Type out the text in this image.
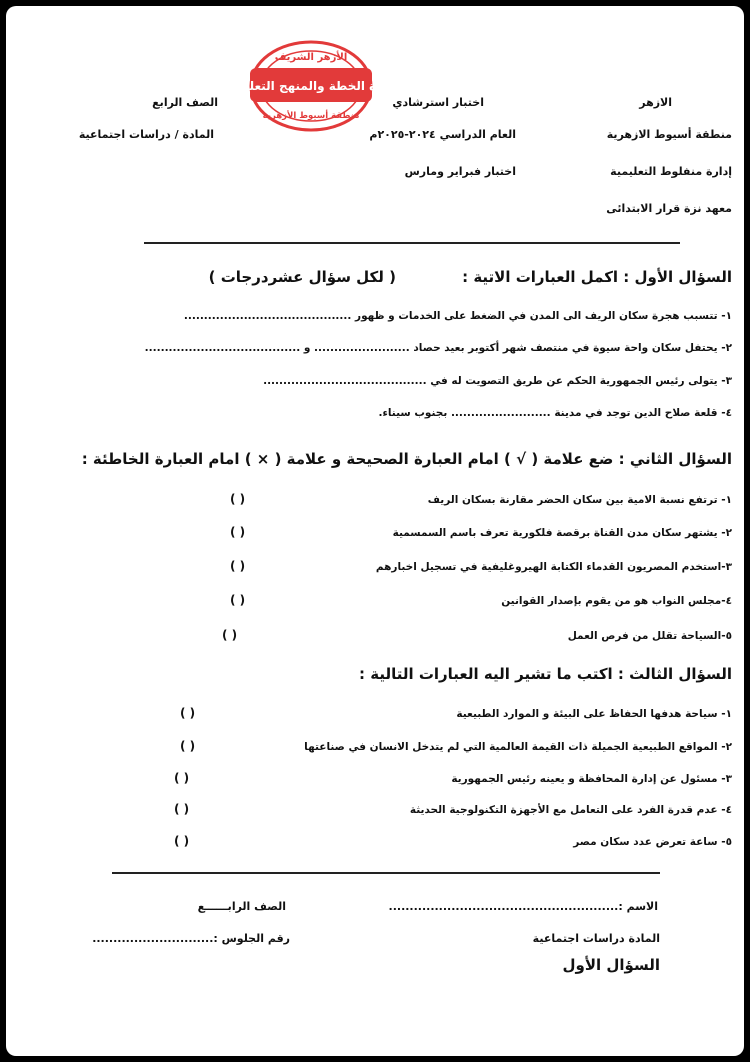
الازهر
منطقة أسيوط الازهرية
إدارة منفلوط التعليمية
معهد نزة قرار الابتدائى
اختبار استرشادي
العام الدراسي ٢٠٢٤-٢٠٢٥م
اختبار فبراير ومارس
الصف الرابع
المادة / دراسات اجتماعية
الأزهر الشريف
إدارة الخطة والمنهج التعليمي
منطقة أسيوط الأزهرية
السؤال الأول : اكمل العبارات الاتية :
( لكل سؤال عشردرجات )
١- تتسبب هجرة سكان الريف الى المدن في الضغط على الخدمات و ظهور ..........................................
٢- يحتفل سكان واحة سيوة في منتصف شهر أكتوبر بعيد حصاد ........................ و .......................................
٣- يتولى رئيس الجمهورية الحكم عن طريق التصويت له في .........................................
٤- قلعة صلاح الدين توجد في مدينة ......................... بجنوب سيناء.
السؤال الثاني : ضع علامة ( √ ) امام العبارة الصحيحة و علامة ( × ) امام العبارة الخاطئة :
١- ترتفع نسبة الامية بين سكان الحضر مقارنة بسكان الريف
( )
٢- يشتهر سكان مدن القناة برقصة فلكورية تعرف باسم السمسمية
( )
٣-استخدم المصريون القدماء الكتابة الهيروغليفية في تسجيل اخبارهم
( )
٤-مجلس النواب هو من يقوم بإصدار القوانين
( )
٥-السياحة تقلل من فرص العمل
( )
السؤال الثالث : اكتب ما تشير اليه العبارات التالية :
١- سياحة هدفها الحفاظ على البيئة و الموارد الطبيعية
( )
٢- المواقع الطبيعية الجميلة ذات القيمة العالمية التي لم يتدخل الانسان في صناعتها
( )
٣- مسئول عن إدارة المحافظة و يعينه رئيس الجمهورية
( )
٤- عدم قدرة الفرد على التعامل مع الأجهزة التكنولوجية الحديثة
( )
٥- ساعة تعرض عدد سكان مصر
( )
الاسم :.......................................................
الصف الرابــــــع
المادة دراسات اجتماعية
رقم الجلوس :.............................
السؤال الأول
